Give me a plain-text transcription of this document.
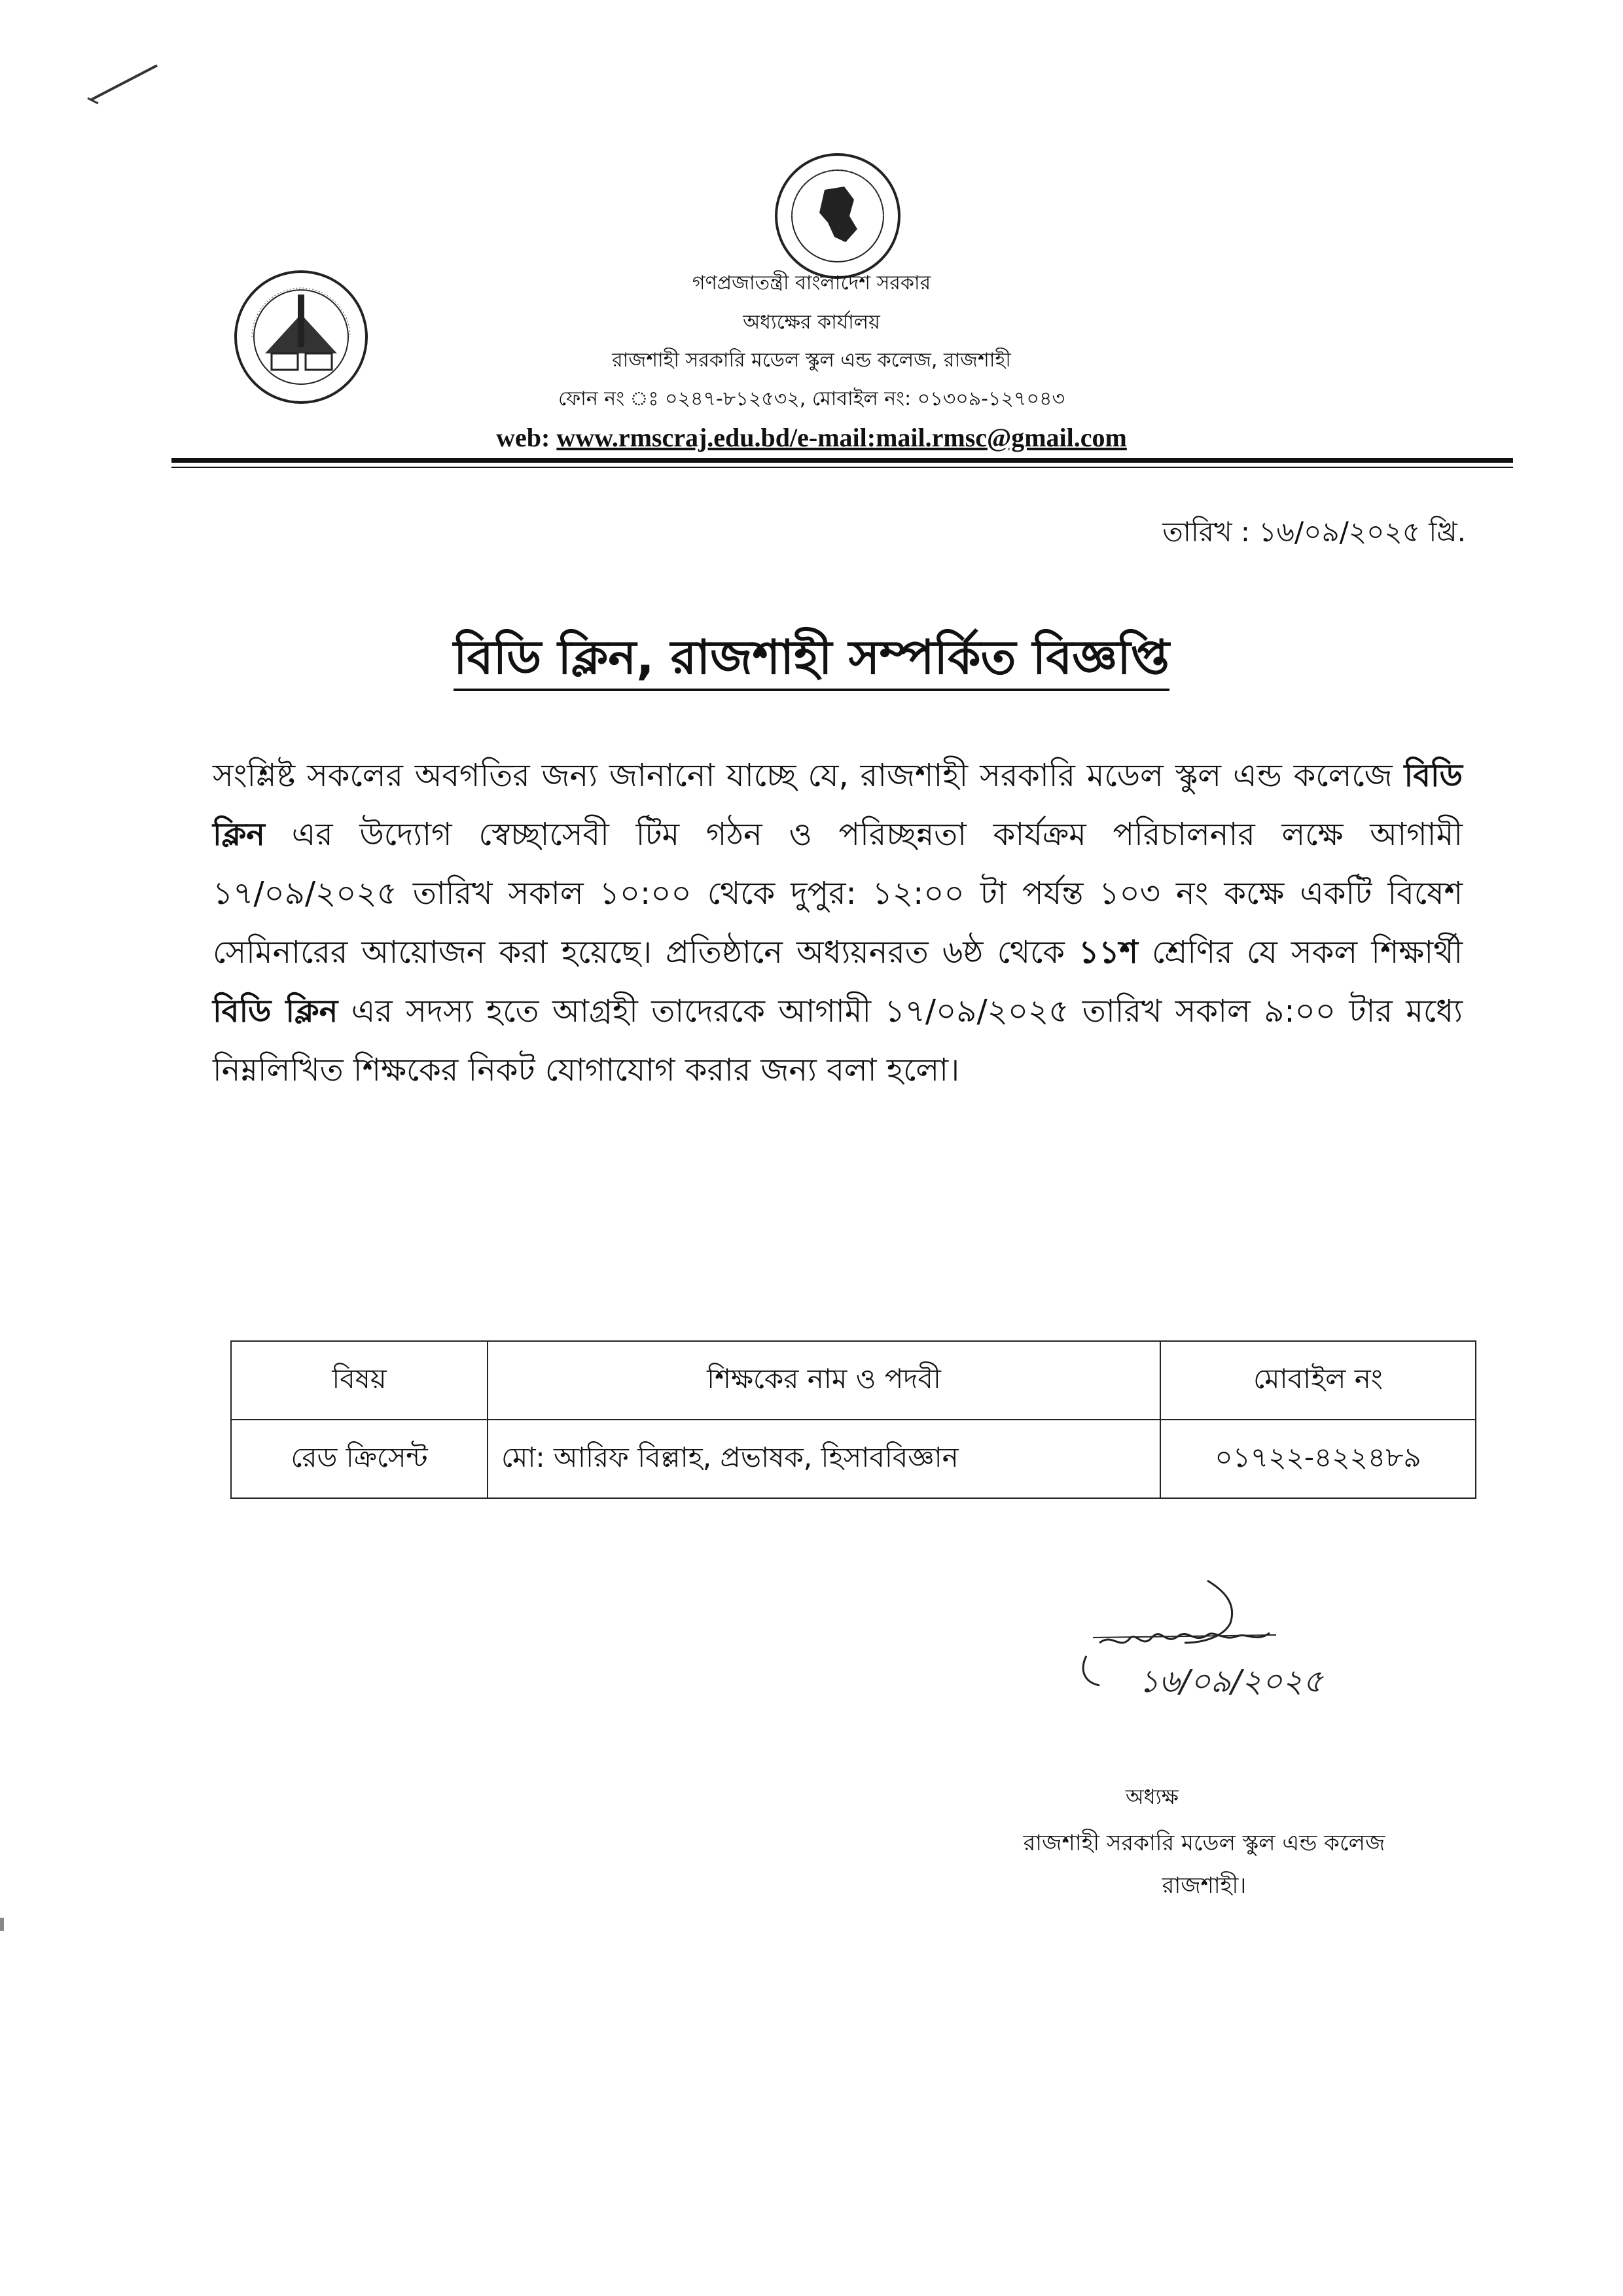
গণপ্রজাতন্ত্রী বাংলাদেশ সরকার
অধ্যক্ষের কার্যালয়
রাজশাহী সরকারি মডেল স্কুল এন্ড কলেজ, রাজশাহী
ফোন নং ঃ ০২৪৭-৮১২৫৩২, মোবাইল নং: ০১৩০৯-১২৭০৪৩
web: www.rmscraj.edu.bd/e-mail:mail.rmsc@gmail.com
তারিখ : ১৬/০৯/২০২৫ খ্রি.
বিডি ক্লিন, রাজশাহী সম্পর্কিত বিজ্ঞপ্তি
সংশ্লিষ্ট সকলের অবগতির জন্য জানানো যাচ্ছে যে, রাজশাহী সরকারি মডেল স্কুল এন্ড কলেজে বিডি ক্লিন এর উদ্যোগ স্বেচ্ছাসেবী টিম গঠন ও পরিচ্ছন্নতা কার্যক্রম পরিচালনার লক্ষে আগামী ১৭/০৯/২০২৫ তারিখ সকাল ১০:০০ থেকে দুপুর: ১২:০০ টা পর্যন্ত ১০৩ নং কক্ষে একটি বিষেশ সেমিনারের আয়োজন করা হয়েছে। প্রতিষ্ঠানে অধ্যয়নরত ৬ষ্ঠ থেকে ১১শ শ্রেণির যে সকল শিক্ষার্থী বিডি ক্লিন এর সদস্য হতে আগ্রহী তাদেরকে আগামী ১৭/০৯/২০২৫ তারিখ সকাল ৯:০০ টার মধ্যে নিম্নলিখিত শিক্ষকের নিকট যোগাযোগ করার জন্য বলা হলো।
বিষয়	শিক্ষকের নাম ও পদবী	মোবাইল নং
রেড ক্রিসেন্ট	মো: আরিফ বিল্লাহ, প্রভাষক, হিসাববিজ্ঞান	০১৭২২-৪২২৪৮৯
১৬/০৯/২০২৫
অধ্যক্ষ
রাজশাহী সরকারি মডেল স্কুল এন্ড কলেজ
রাজশাহী।
